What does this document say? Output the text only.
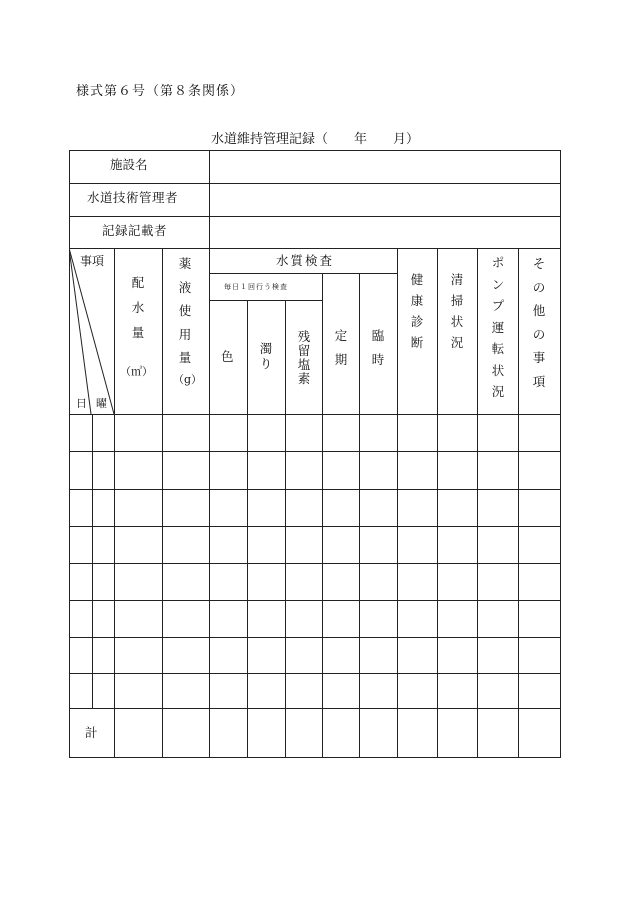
様式第６号（第８条関係）
水道維持管理記録（　　年　　月）
施設名
水道技術管理者
記録記載者
事項
日 曜
配
水
量
（㎥）
薬
液
使
用
量
（g）
水質検査
毎日１回行う検査
色
濁
り
残
留
塩
素
定
期
臨
時
健
康
診
断
清
掃
状
況
ポ
ン
プ
運
転
状
況
そ
の
他
の
事
項
計
